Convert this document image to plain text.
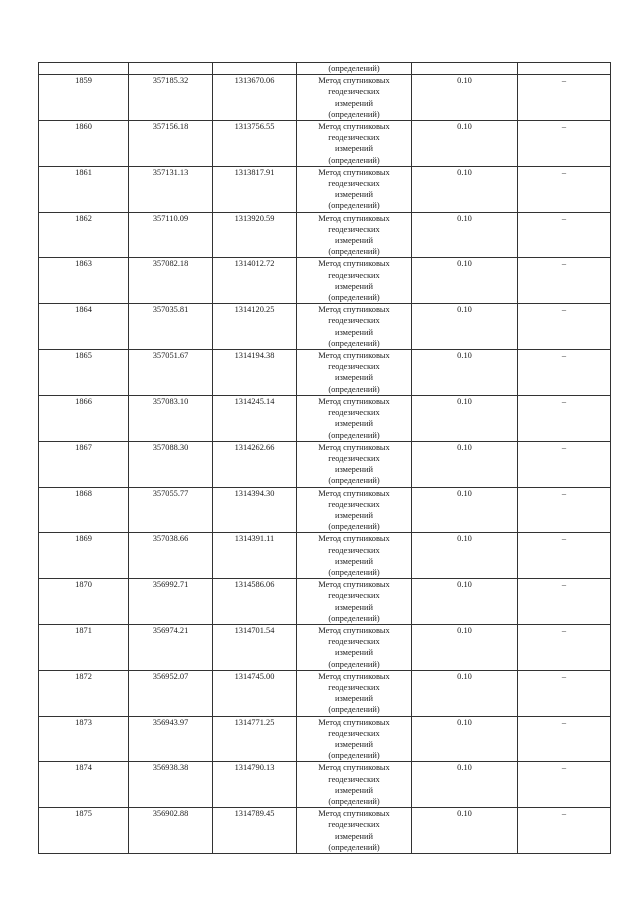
			(определений)		

1859	357185.32	1313670.06	Метод спутниковых
геодезических
измерений
(определений)	0.10	–
1860	357156.18	1313756.55	Метод спутниковых
геодезических
измерений
(определений)	0.10	–
1861	357131.13	1313817.91	Метод спутниковых
геодезических
измерений
(определений)	0.10	–
1862	357110.09	1313920.59	Метод спутниковых
геодезических
измерений
(определений)	0.10	–
1863	357082.18	1314012.72	Метод спутниковых
геодезических
измерений
(определений)	0.10	–
1864	357035.81	1314120.25	Метод спутниковых
геодезических
измерений
(определений)	0.10	–
1865	357051.67	1314194.38	Метод спутниковых
геодезических
измерений
(определений)	0.10	–
1866	357083.10	1314245.14	Метод спутниковых
геодезических
измерений
(определений)	0.10	–
1867	357088.30	1314262.66	Метод спутниковых
геодезических
измерений
(определений)	0.10	–
1868	357055.77	1314394.30	Метод спутниковых
геодезических
измерений
(определений)	0.10	–
1869	357038.66	1314391.11	Метод спутниковых
геодезических
измерений
(определений)	0.10	–
1870	356992.71	1314586.06	Метод спутниковых
геодезических
измерений
(определений)	0.10	–
1871	356974.21	1314701.54	Метод спутниковых
геодезических
измерений
(определений)	0.10	–
1872	356952.07	1314745.00	Метод спутниковых
геодезических
измерений
(определений)	0.10	–
1873	356943.97	1314771.25	Метод спутниковых
геодезических
измерений
(определений)	0.10	–
1874	356938.38	1314790.13	Метод спутниковых
геодезических
измерений
(определений)	0.10	–
1875	356902.88	1314789.45	Метод спутниковых
геодезических
измерений
(определений)	0.10	–
